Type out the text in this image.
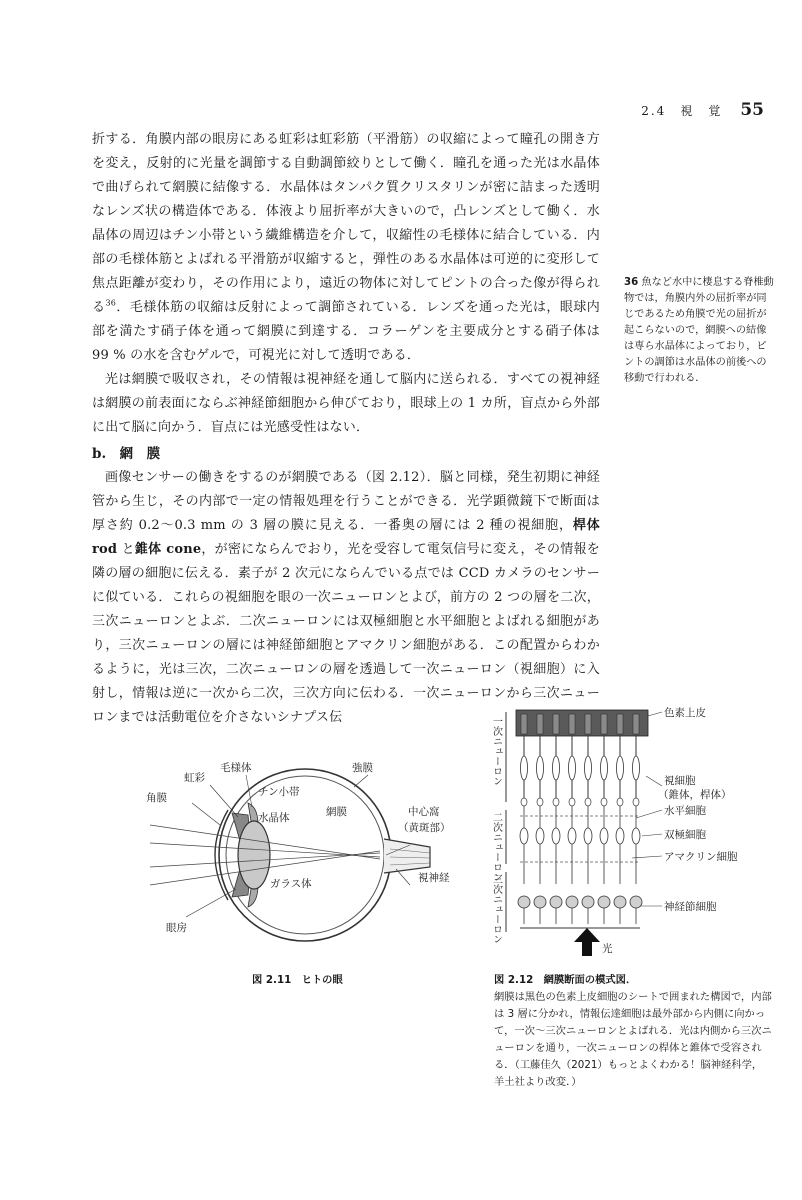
2.4　視　覚 55

折する．角膜内部の眼房にある虹彩は虹彩筋（平滑筋）の収縮によって瞳孔の開き方を変え，反射的に光量を調節する自動調節絞りとして働く．瞳孔を通った光は水晶体で曲げられて網膜に結像する．水晶体はタンパク質クリスタリンが密に詰まった透明なレンズ状の構造体である．体液より屈折率が大きいので，凸レンズとして働く．水晶体の周辺はチン小帯という繊維構造を介して，収縮性の毛様体に結合している．内部の毛様体筋とよばれる平滑筋が収縮すると，弾性のある水晶体は可逆的に変形して焦点距離が変わり，その作用により，遠近の物体に対してピントの合った像が得られる$^{36}$．毛様体筋の収縮は反射によって調節されている．レンズを通った光は，眼球内部を満たす硝子体を通って網膜に到達する．コラーゲンを主要成分とする硝子体は 99 % の水を含むゲルで，可視光に対して透明である．

光は網膜で吸収され，その情報は視神経を通して脳内に送られる．すべての視神経は網膜の前表面にならぶ神経節細胞から伸びており，眼球上の 1 カ所，盲点から外部に出て脳に向かう．盲点には光感受性はない．

b.　網　膜

画像センサーの働きをするのが網膜である（図 2.12）．脳と同様，発生初期に神経管から生じ，その内部で一定の情報処理を行うことができる．光学顕微鏡下で断面は厚さ約 0.2〜0.3 mm の 3 層の膜に見える．一番奥の層には 2 種の視細胞，桿体 rod と錐体 cone，が密にならんでおり，光を受容して電気信号に変え，その情報を隣の層の細胞に伝える．素子が 2 次元にならんでいる点では CCD カメラのセンサーに似ている．これらの視細胞を眼の一次ニューロンとよび，前方の 2 つの層を二次，三次ニューロンとよぶ．二次ニューロンには双極細胞と水平細胞とよばれる細胞があり，三次ニューロンの層には神経節細胞とアマクリン細胞がある．この配置からわかるように，光は三次，二次ニューロンの層を透過して一次ニューロン（視細胞）に入射し，情報は逆に一次から二次，三次方向に伝わる．一次ニューロンから三次ニューロンまでは活動電位を介さないシナプス伝

36 魚など水中に棲息する脊椎動物では，角膜内外の屈折率が同じであるため角膜で光の屈折が起こらないので，網膜への結像は専ら水晶体によっており，ピントの調節は水晶体の前後への移動で行われる．
毛様体
虹彩
角膜	チン小帯
水晶体
強膜
網膜	中心窩
（黄斑部）
視神経
ガラス体
眼房
図 2.11　ヒトの眼
一次ニューロン
二次ニューロン
三次ニューロン
色素上皮
視細胞
（錐体，桿体）
水平細胞
双極細胞
アマクリン細胞
神経節細胞
光
図 2.12　網膜断面の模式図．
網膜は黒色の色素上皮細胞のシートで囲まれた構図で，内部は 3 層に分かれ，情報伝達細胞は最外部から内側に向かって，一次〜三次ニューロンとよばれる．光は内側から三次ニューロンを通り，一次ニューロンの桿体と錐体で受容される．（工藤佳久（2021）もっとよくわかる！脳神経科学，羊土社より改変．）
